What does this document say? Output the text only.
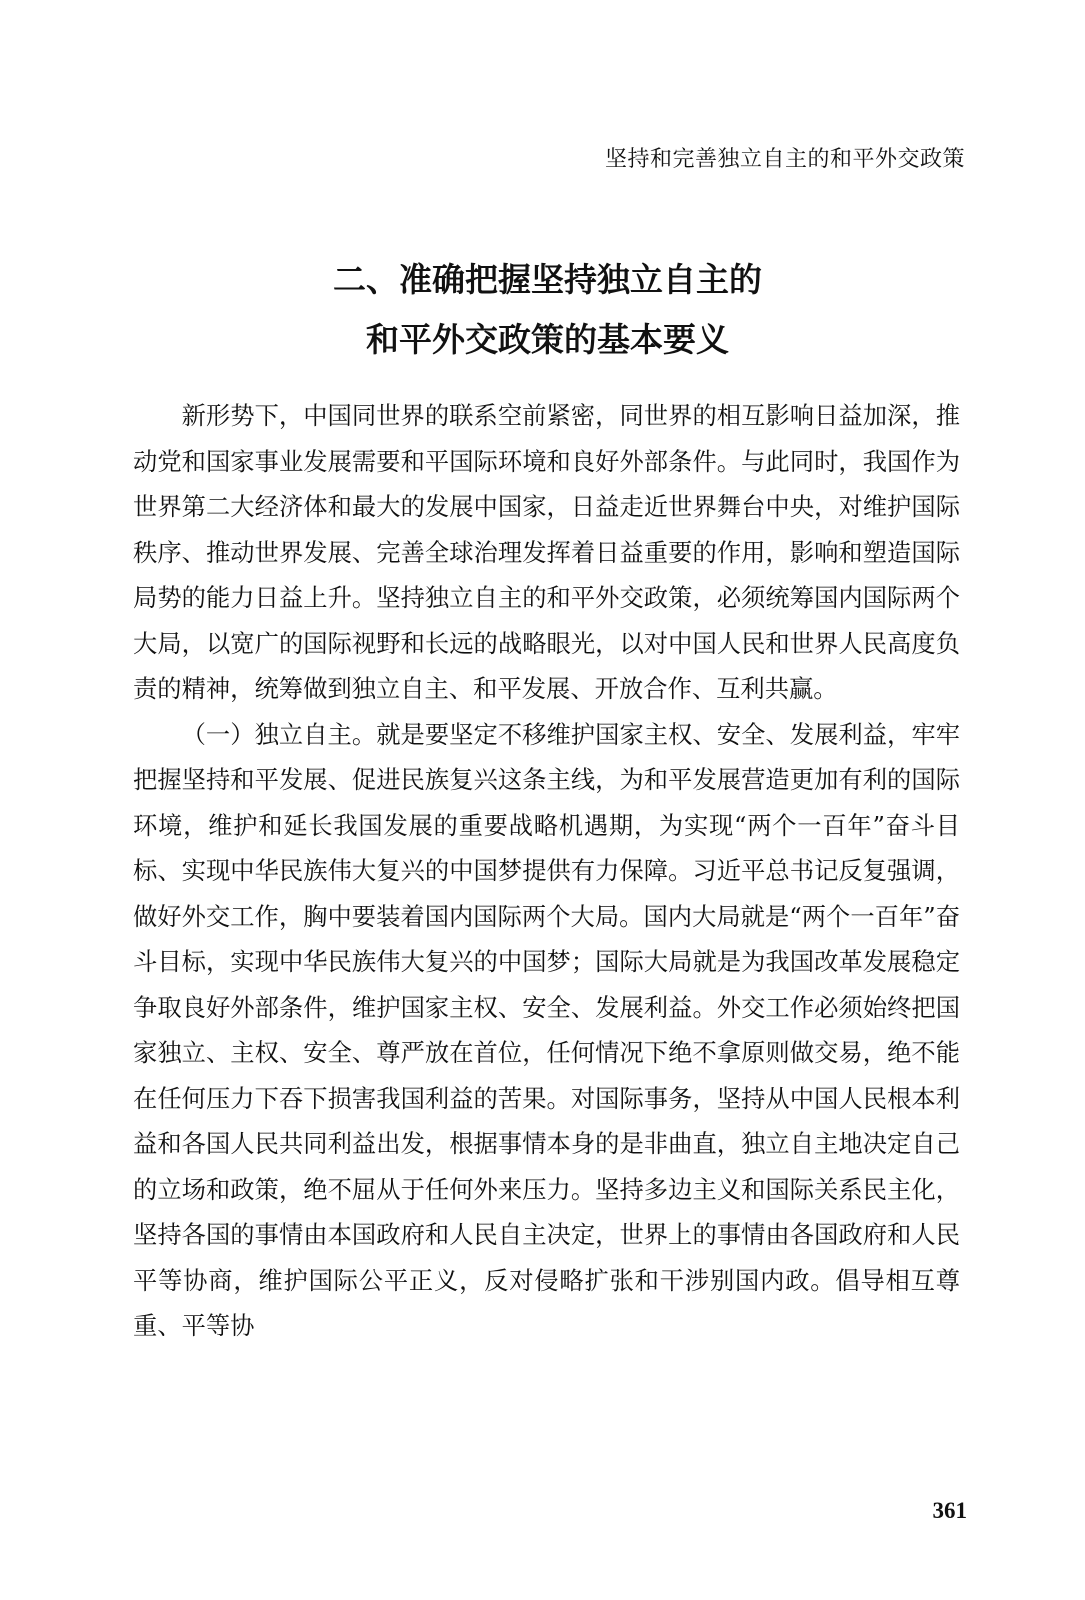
坚持和完善独立自主的和平外交政策
二、准确把握坚持独立自主的
和平外交政策的基本要义

新形势下，中国同世界的联系空前紧密，同世界的相互影响日益加深，推动党和国家事业发展需要和平国际环境和良好外部条件。与此同时，我国作为世界第二大经济体和最大的发展中国家，日益走近世界舞台中央，对维护国际秩序、推动世界发展、完善全球治理发挥着日益重要的作用，影响和塑造国际局势的能力日益上升。坚持独立自主的和平外交政策，必须统筹国内国际两个大局，以宽广的国际视野和长远的战略眼光，以对中国人民和世界人民高度负责的精神，统筹做到独立自主、和平发展、开放合作、互利共赢。

（一）独立自主。就是要坚定不移维护国家主权、安全、发展利益，牢牢把握坚持和平发展、促进民族复兴这条主线，为和平发展营造更加有利的国际环境，维护和延长我国发展的重要战略机遇期，为实现“两个一百年”奋斗目标、实现中华民族伟大复兴的中国梦提供有力保障。习近平总书记反复强调，做好外交工作，胸中要装着国内国际两个大局。国内大局就是“两个一百年”奋斗目标，实现中华民族伟大复兴的中国梦；国际大局就是为我国改革发展稳定争取良好外部条件，维护国家主权、安全、发展利益。外交工作必须始终把国家独立、主权、安全、尊严放在首位，任何情况下绝不拿原则做交易，绝不能在任何压力下吞下损害我国利益的苦果。对国际事务，坚持从中国人民根本利益和各国人民共同利益出发，根据事情本身的是非曲直，独立自主地决定自己的立场和政策，绝不屈从于任何外来压力。坚持多边主义和国际关系民主化，坚持各国的事情由本国政府和人民自主决定，世界上的事情由各国政府和人民平等协商，维护国际公平正义，反对侵略扩张和干涉别国内政。倡导相互尊重、平等协

361
